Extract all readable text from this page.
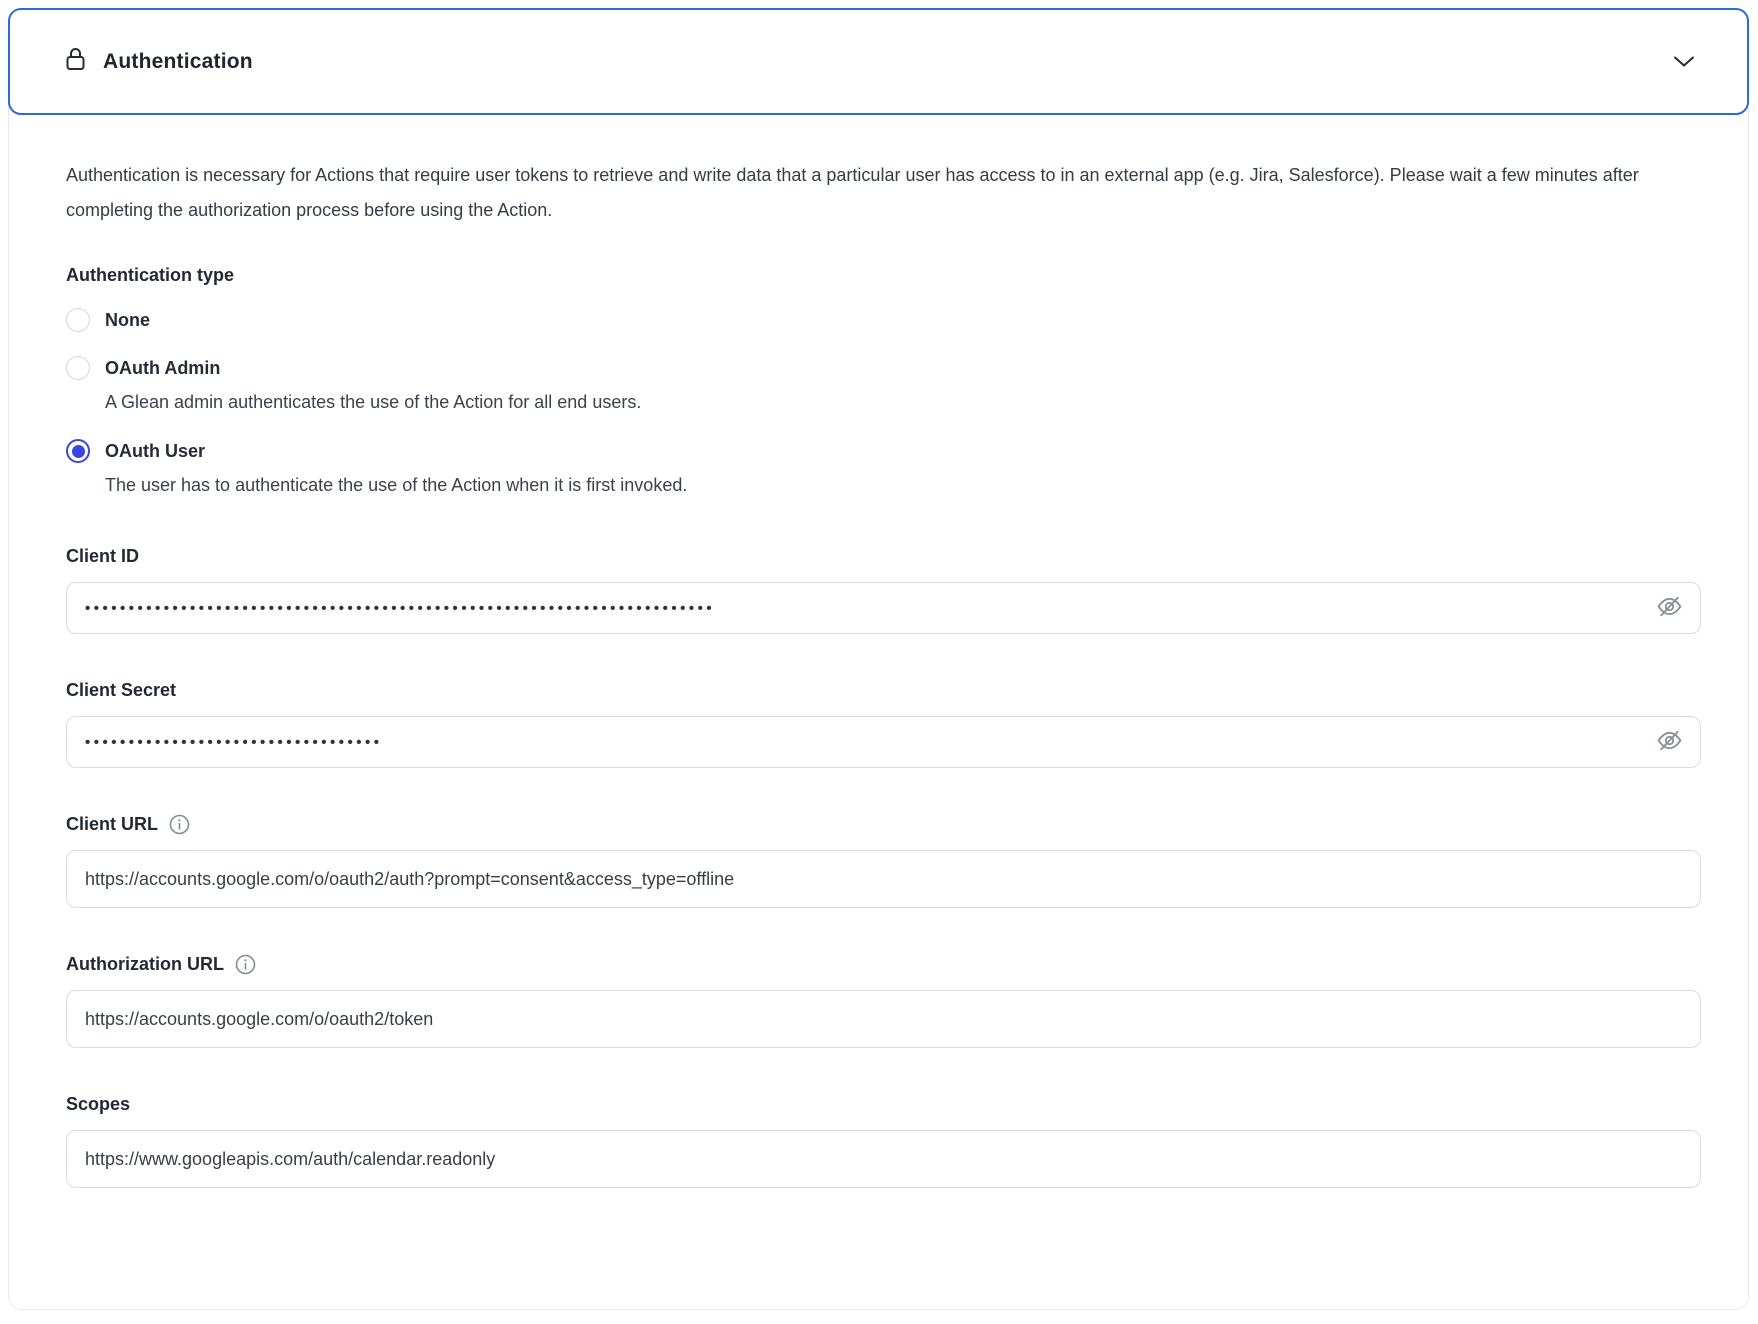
Authentication

Authentication is necessary for Actions that require user tokens to retrieve and write data that a particular user has access to in an external app (e.g. Jira, Salesforce). Please wait a few minutes after completing the authorization process before using the Action.

Authentication type
None
OAuth Admin
A Glean admin authenticates the use of the Action for all end users.
OAuth User
The user has to authenticate the use of the Action when it is first invoked.
Client ID
••••••••••••••••••••••••••••••••••••••••••••••••••••••••••••••••••••••••
Client Secret
••••••••••••••••••••••••••••••••••
Client URL
https://accounts.google.com/o/oauth2/auth?prompt=consent&access_type=offline
Authorization URL
https://accounts.google.com/o/oauth2/token
Scopes
https://www.googleapis.com/auth/calendar.readonly
